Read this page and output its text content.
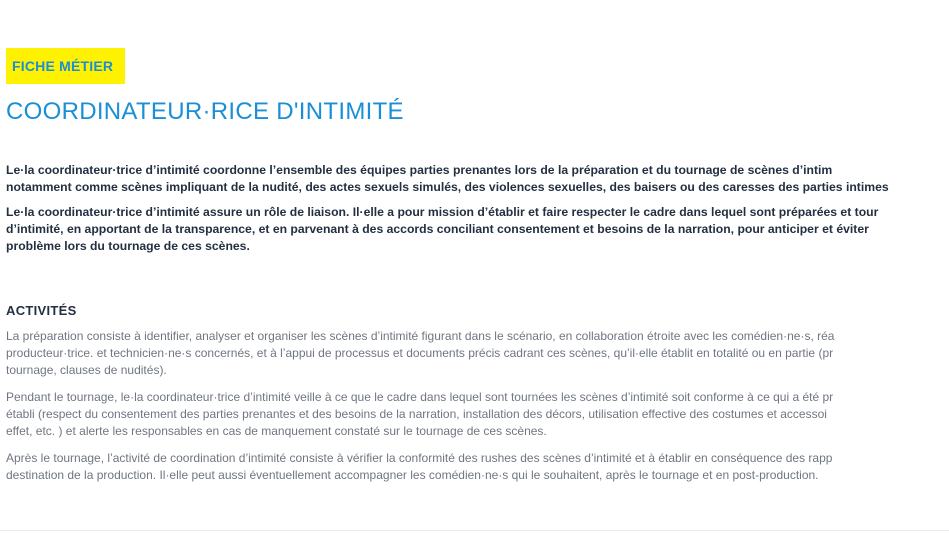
FICHE MÉTIER
COORDINATEUR·RICE D'INTIMITÉ

Le·la coordinateur·trice d’intimité coordonne l’ensemble des équipes parties prenantes lors de la préparation et du tournage de scènes d’intim
notamment comme scènes impliquant de la nudité, des actes sexuels simulés, des violences sexuelles, des baisers ou des caresses des parties intimes

Le·la coordinateur·trice d’intimité assure un rôle de liaison. Il·elle a pour mission d’établir et faire respecter le cadre dans lequel sont préparées et tour
d’intimité, en apportant de la transparence, et en parvenant à des accords conciliant consentement et besoins de la narration, pour anticiper et éviter
problème lors du tournage de ces scènes.

ACTIVITÉS

La préparation consiste à identifier, analyser et organiser les scènes d’intimité figurant dans le scénario, en collaboration étroite avec les comédien·ne·s, réa
producteur·trice. et technicien·ne·s concernés, et à l’appui de processus et documents précis cadrant ces scènes, qu’il·elle établit en totalité ou en partie (pr
tournage, clauses de nudités).

Pendant le tournage, le·la coordinateur·trice d’intimité veille à ce que le cadre dans lequel sont tournées les scènes d’intimité soit conforme à ce qui a été pr
établi (respect du consentement des parties prenantes et des besoins de la narration, installation des décors, utilisation effective des costumes et accessoi
effet, etc. ) et alerte les responsables en cas de manquement constaté sur le tournage de ces scènes.

Après le tournage, l’activité de coordination d’intimité consiste à vérifier la conformité des rushes des scènes d’intimité et à établir en conséquence des rapp
destination de la production. Il·elle peut aussi éventuellement accompagner les comédien·ne·s qui le souhaitent, après le tournage et en post-production.
